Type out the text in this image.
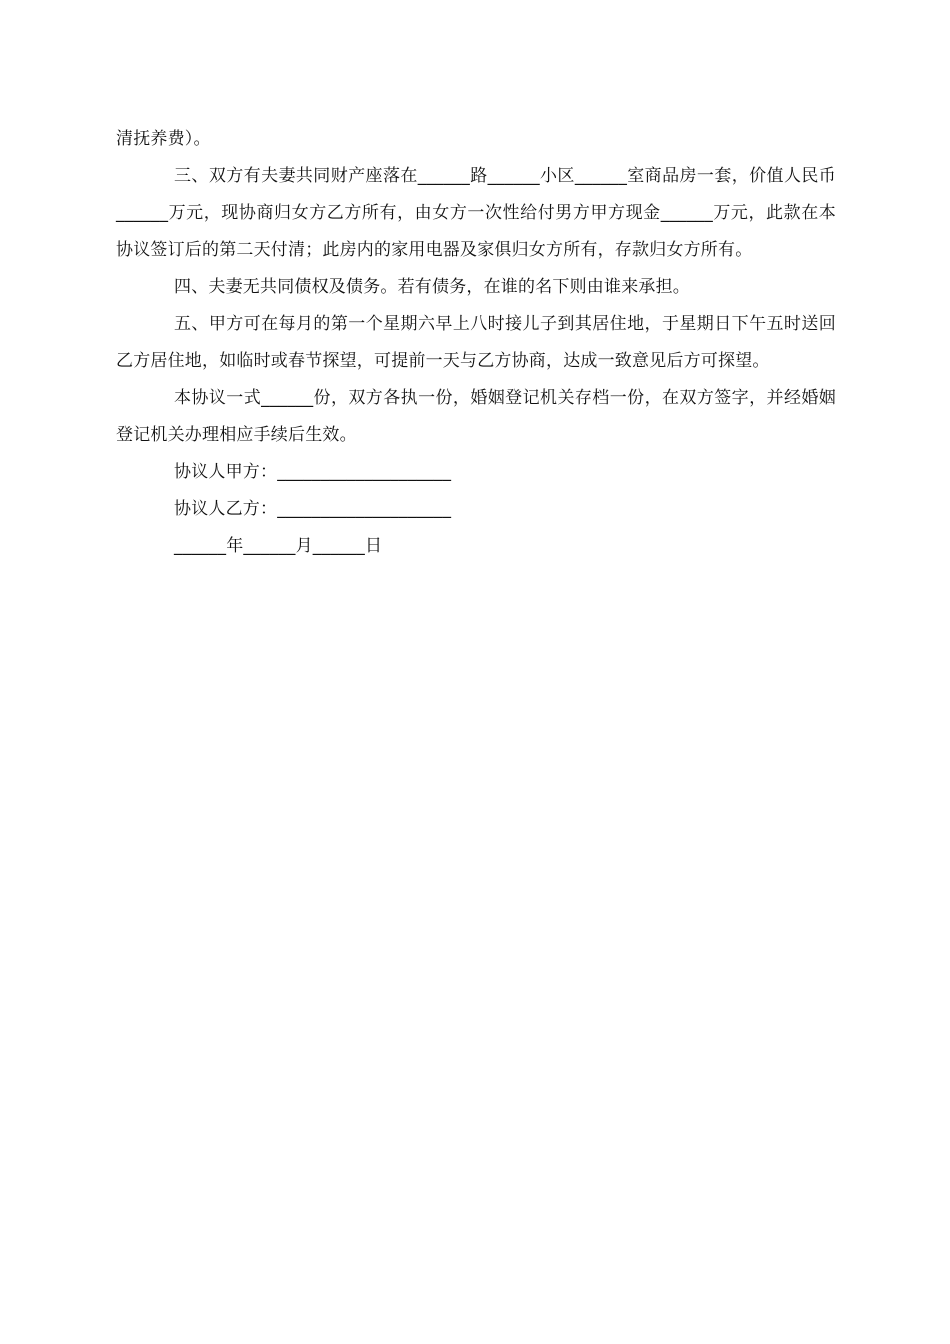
清抚养费）。

三、双方有夫妻共同财产座落在______路______小区______室商品房一套，价值人民币______万元，现协商归女方乙方所有，由女方一次性给付男方甲方现金______万元，此款在本协议签订后的第二天付清；此房内的家用电器及家俱归女方所有，存款归女方所有。

四、夫妻无共同债权及债务。若有债务，在谁的名下则由谁来承担。

五、甲方可在每月的第一个星期六早上八时接儿子到其居住地，于星期日下午五时送回乙方居住地，如临时或春节探望，可提前一天与乙方协商，达成一致意见后方可探望。

本协议一式______份，双方各执一份，婚姻登记机关存档一份，在双方签字，并经婚姻登记机关办理相应手续后生效。

协议人甲方：____________________

协议人乙方：____________________

______年______月______日
